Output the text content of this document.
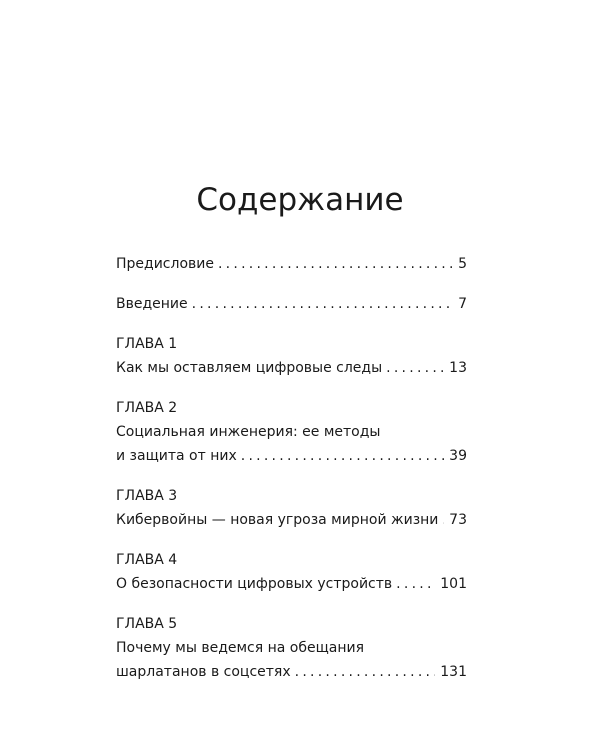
Содержание
Предисловие . . .	5
Введение . . .	7
ГЛАВА 1
Как мы оставляем цифровые следы . . .	13
ГЛАВА 2
Социальная инженерия: ее методы
и защита от них . . .	39
ГЛАВА 3
Кибервойны — новая угроза мирной жизни . . . 73
ГЛАВА 4
О безопасности цифровых устройств . . .	101
ГЛАВА 5
Почему мы ведемся на обещания
шарлатанов в соцсетях . . .	131
